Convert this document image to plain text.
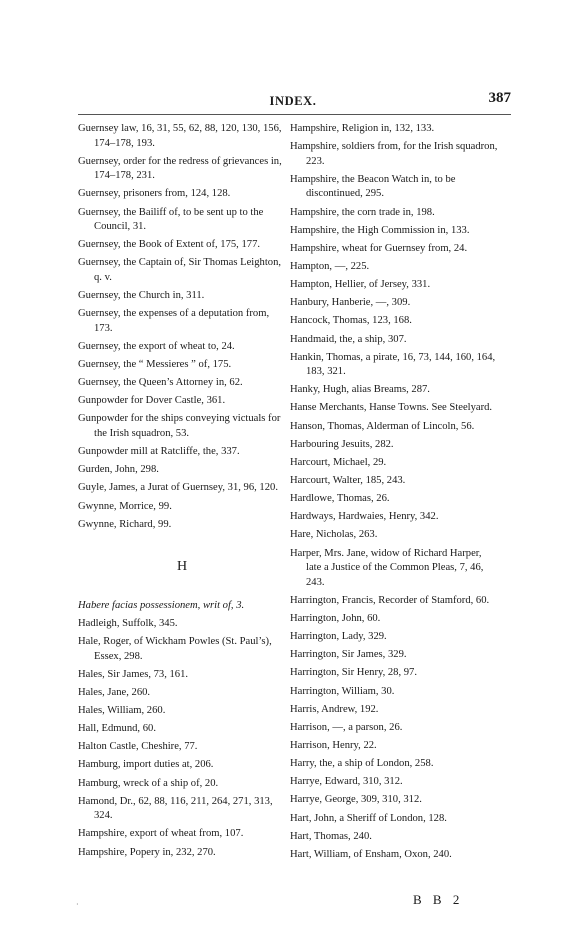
INDEX.	387
Guernsey law, 16, 31, 55, 62, 88, 120, 130, 156, 174–178, 193.
Guernsey, order for the redress of grievances in, 174–178, 231.
Guernsey, prisoners from, 124, 128.
Guernsey, the Bailiff of, to be sent up to the Council, 31.
Guernsey, the Book of Extent of, 175, 177.
Guernsey, the Captain of, Sir Thomas Leighton, q. v.
Guernsey, the Church in, 311.
Guernsey, the expenses of a deputation from, 173.
Guernsey, the export of wheat to, 24.
Guernsey, the “ Messieres ” of, 175.
Guernsey, the Queen’s Attorney in, 62.
Gunpowder for Dover Castle, 361.
Gunpowder for the ships conveying victuals for the Irish squadron, 53.
Gunpowder mill at Ratcliffe, the, 337.
Gurden, John, 298.
Guyle, James, a Jurat of Guernsey, 31, 96, 120.
Gwynne, Morrice, 99.
Gwynne, Richard, 99.
H
Habere facias possessionem, writ of, 3.
Hadleigh, Suffolk, 345.
Hale, Roger, of Wickham Powles (St. Paul’s), Essex, 298.
Hales, Sir James, 73, 161.
Hales, Jane, 260.
Hales, William, 260.
Hall, Edmund, 60.
Halton Castle, Cheshire, 77.
Hamburg, import duties at, 206.
Hamburg, wreck of a ship of, 20.
Hamond, Dr., 62, 88, 116, 211, 264, 271, 313, 324.
Hampshire, export of wheat from, 107.
Hampshire, Popery in, 232, 270.
Hampshire, Religion in, 132, 133.
Hampshire, soldiers from, for the Irish squadron, 223.
Hampshire, the Beacon Watch in, to be discontinued, 295.
Hampshire, the corn trade in, 198.
Hampshire, the High Commission in, 133.
Hampshire, wheat for Guernsey from, 24.
Hampton, —, 225.
Hampton, Hellier, of Jersey, 331.
Hanbury, Hanberie, —, 309.
Hancock, Thomas, 123, 168.
Handmaid, the, a ship, 307.
Hankin, Thomas, a pirate, 16, 73, 144, 160, 164, 183, 321.
Hanky, Hugh, alias Breams, 287.
Hanse Merchants, Hanse Towns. See Steelyard.
Hanson, Thomas, Alderman of Lincoln, 56.
Harbouring Jesuits, 282.
Harcourt, Michael, 29.
Harcourt, Walter, 185, 243.
Hardlowe, Thomas, 26.
Hardways, Hardwaies, Henry, 342.
Hare, Nicholas, 263.
Harper, Mrs. Jane, widow of Richard Harper, late a Justice of the Common Pleas, 7, 46, 243.
Harrington, Francis, Recorder of Stamford, 60.
Harrington, John, 60.
Harrington, Lady, 329.
Harrington, Sir James, 329.
Harrington, Sir Henry, 28, 97.
Harrington, William, 30.
Harris, Andrew, 192.
Harrison, —, a parson, 26.
Harrison, Henry, 22.
Harry, the, a ship of London, 258.
Harrye, Edward, 310, 312.
Harrye, George, 309, 310, 312.
Hart, John, a Sheriff of London, 128.
Hart, Thomas, 240.
Hart, William, of Ensham, Oxon, 240.
B B 2
·
